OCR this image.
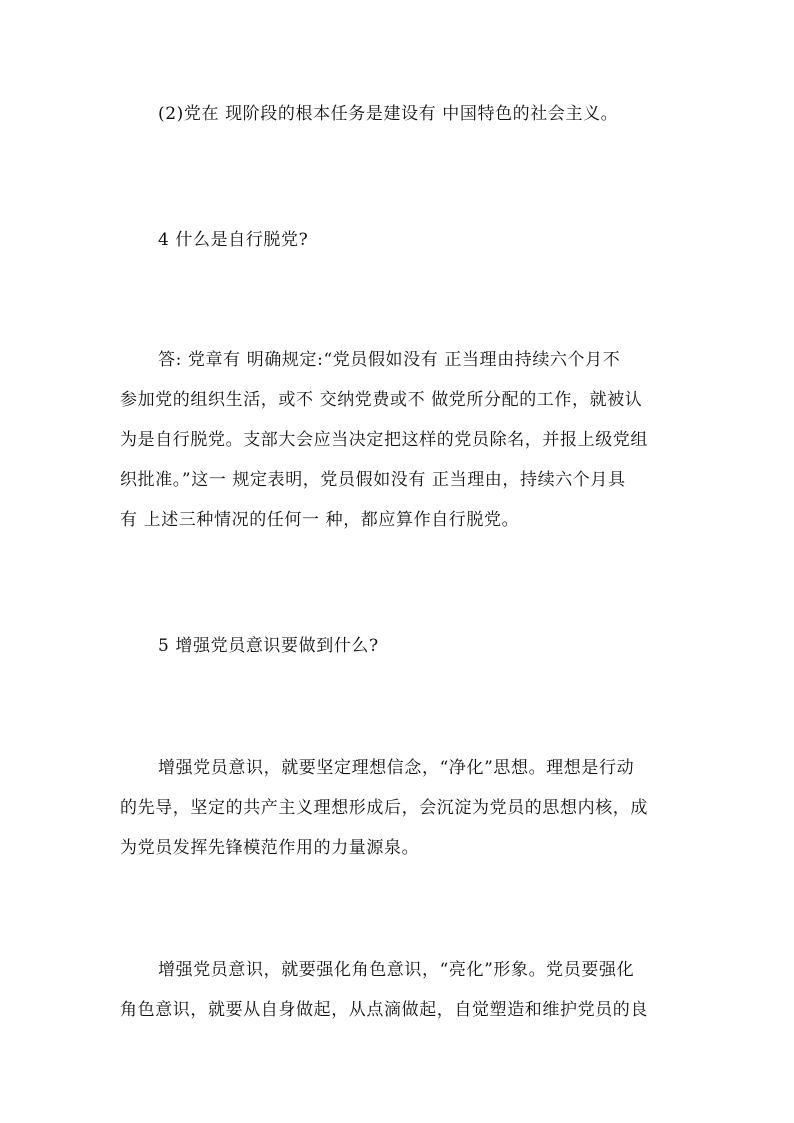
(2)党在 现阶段的根本任务是建设有 中国特色的社会主义。
4 什么是自行脱党?
答: 党章有 明确规定:“党员假如没有 正当理由持续六个月不
参加党的组织生活，或不 交纳党费或不 做党所分配的工作，就被认
为是自行脱党。支部大会应当决定把这样的党员除名，并报上级党组
织批准。”这一 规定表明，党员假如没有 正当理由，持续六个月具
有 上述三种情况的任何一 种，都应算作自行脱党。
5 增强党员意识要做到什么?
增强党员意识，就要坚定理想信念，“净化”思想。理想是行动
的先导，坚定的共产主义理想形成后，会沉淀为党员的思想内核，成
为党员发挥先锋模范作用的力量源泉。
增强党员意识，就要强化角色意识，“亮化”形象。党员要强化
角色意识，就要从自身做起，从点滴做起，自觉塑造和维护党员的良
